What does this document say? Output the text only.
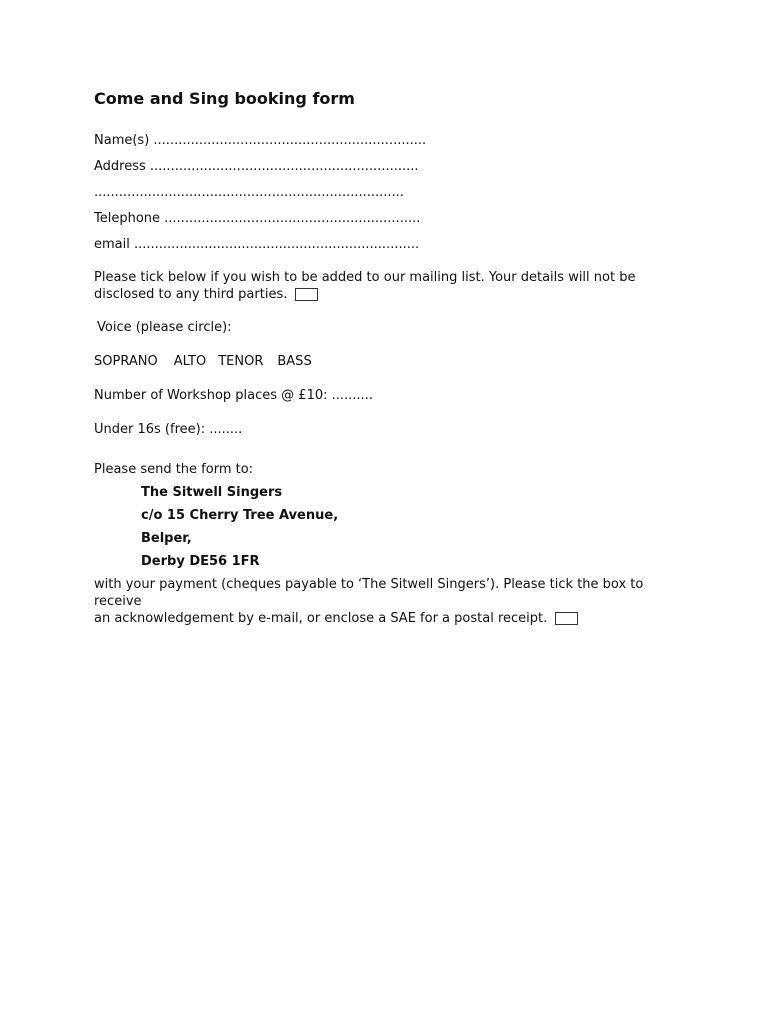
Come and Sing booking form
Name(s) ..................................................................
Address .................................................................
...........................................................................
Telephone ..............................................................
email .....................................................................
Please tick below if you wish to be added to our mailing list. Your details will not be
disclosed to any third parties.
Voice (please circle):
SOPRANO ALTO TENOR BASS
Number of Workshop places @ £10: ..........
Under 16s (free): ........
Please send the form to:
The Sitwell Singers
c/o 15 Cherry Tree Avenue,
Belper,
Derby DE56 1FR
with your payment (cheques payable to ‘The Sitwell Singers’). Please tick the box to receive
an acknowledgement by e-mail, or enclose a SAE for a postal receipt.
